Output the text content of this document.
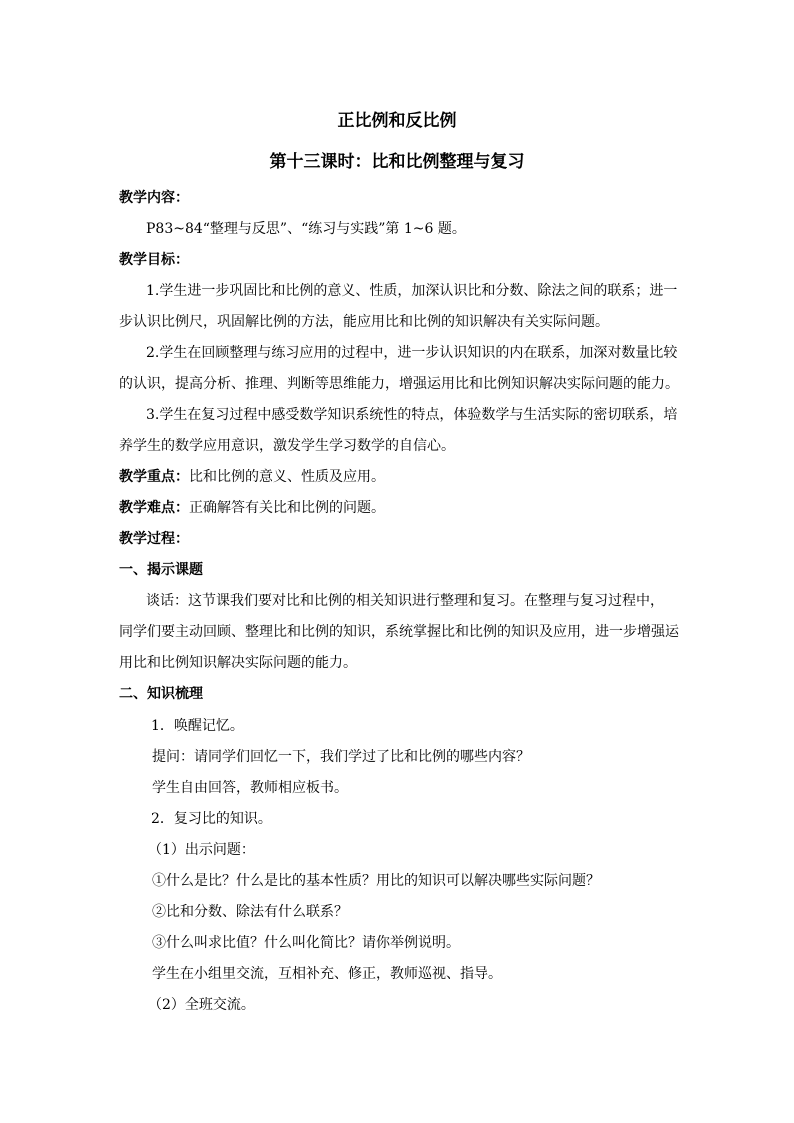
正比例和反比例
第十三课时：比和比例整理与复习
教学内容：
P83~84“整理与反思”、“练习与实践”第 1~6 题。
教学目标：
1.学生进一步巩固比和比例的意义、性质，加深认识比和分数、除法之间的联系；进一
步认识比例尺，巩固解比例的方法，能应用比和比例的知识解决有关实际问题。
2.学生在回顾整理与练习应用的过程中，进一步认识知识的内在联系，加深对数量比较
的认识，提高分析、推理、判断等思维能力，增强运用比和比例知识解决实际问题的能力。
3.学生在复习过程中感受数学知识系统性的特点，体验数学与生活实际的密切联系，培
养学生的数学应用意识，激发学生学习数学的自信心。
教学重点：比和比例的意义、性质及应用。
教学难点：正确解答有关比和比例的问题。
教学过程：
一、揭示课题
谈话：这节课我们要对比和比例的相关知识进行整理和复习。在整理与复习过程中，
同学们要主动回顾、整理比和比例的知识，系统掌握比和比例的知识及应用，进一步增强运
用比和比例知识解决实际问题的能力。
二、知识梳理
1．唤醒记忆。
提问：请同学们回忆一下，我们学过了比和比例的哪些内容？
学生自由回答，教师相应板书。
2．复习比的知识。
（1）出示问题：
①什么是比？什么是比的基本性质？用比的知识可以解决哪些实际问题？
②比和分数、除法有什么联系？
③什么叫求比值？什么叫化简比？请你举例说明。
学生在小组里交流，互相补充、修正，教师巡视、指导。
（2）全班交流。
